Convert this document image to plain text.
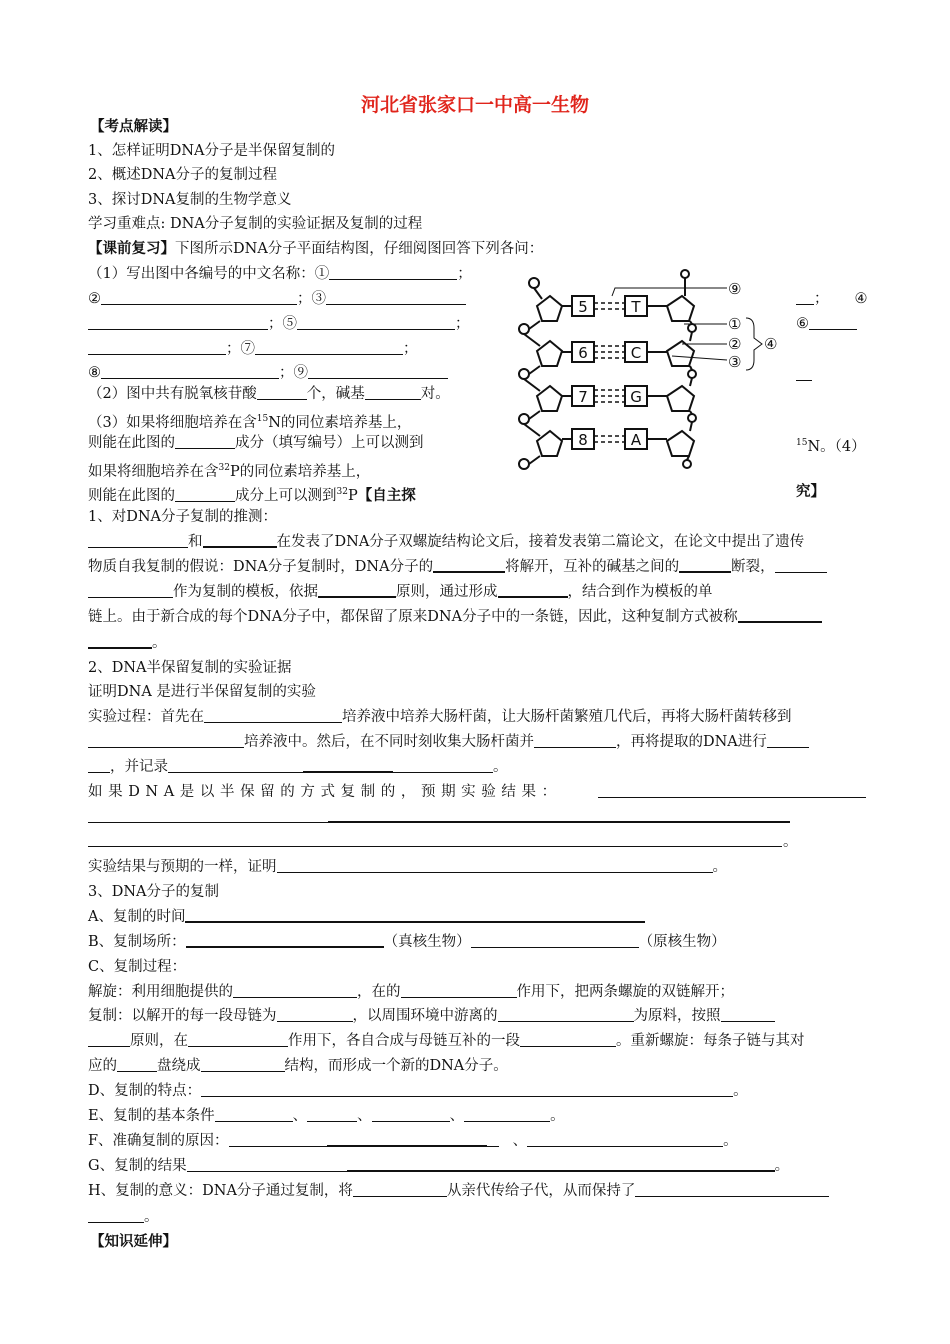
河北省张家口一中高一生物
【考点解读】
1、怎样证明DNA分子是半保留复制的
2、概述DNA分子的复制过程
3、探讨DNA复制的生物学意义
学习重难点: DNA分子复制的实验证据及复制的过程
【课前复习】下图所示DNA分子平面结构图，仔细阅图回答下列各问：
（1）写出图中各编号的中文名称：①	；
②	；③
；⑤	；
；⑦	；
⑧	；⑨
； ④
⑥
（2）图中共有脱氧核苷酸	个，碱基	对。
（3）如果将细胞培养在含$^{15}$N的同位素培养基上，
则能在此图的	成分（填写编号）上可以测到	$^{15}$N。（4）
如果将细胞培养在含$^{32}$P的同位素培养基上，
则能在此图的	成分上可以测到$^{32}$P【自主探	究】
5
6
7
8
T
C
G
A
⑨
①
②
③
④
1、对DNA分子复制的推测：
和	在发表了DNA分子双螺旋结构论文后，接着发表第二篇论文，在论文中提出了遗传
物质自我复制的假说：DNA分子复制时，DNA分子的	将解开，互补的碱基之间的	断裂，
作为复制的模板，依据	原则，通过形成	，结合到作为模板的单
链上。由于新合成的每个DNA分子中，都保留了原来DNA分子中的一条链，因此，这种复制方式被称
。
2、DNA半保留复制的实验证据
证明DNA 是进行半保留复制的实验
实验过程：首先在	培养液中培养大肠杆菌，让大肠杆菌繁殖几代后，再将大肠杆菌转移到
培养液中。然后，在不同时刻收集大肠杆菌并	，再将提取的DNA进行
，并记录	。
如果DNA是以半保留的方式复制的，预期实验结果：
。
实验结果与预期的一样，证明	。
3、DNA分子的复制
A、复制的时间
B、复制场所：	（真核生物）	（原核生物）
C、复制过程：
解旋：利用细胞提供的	，在的	作用下，把两条螺旋的双链解开；
复制：以解开的每一段母链为	，以周围环境中游离的	为原料，按照
原则，在	作用下，各自合成与母链互补的一段	。重新螺旋：每条子链与其对
应的	盘绕成	结构，而形成一个新的DNA分子。
D、复制的特点：	。
E、复制的基本条件	、	、	、	。
F、准确复制的原因：	、	。
G、复制的结果	。
H、复制的意义：DNA分子通过复制，将	从亲代传给子代，从而保持了
。
【知识延伸】
